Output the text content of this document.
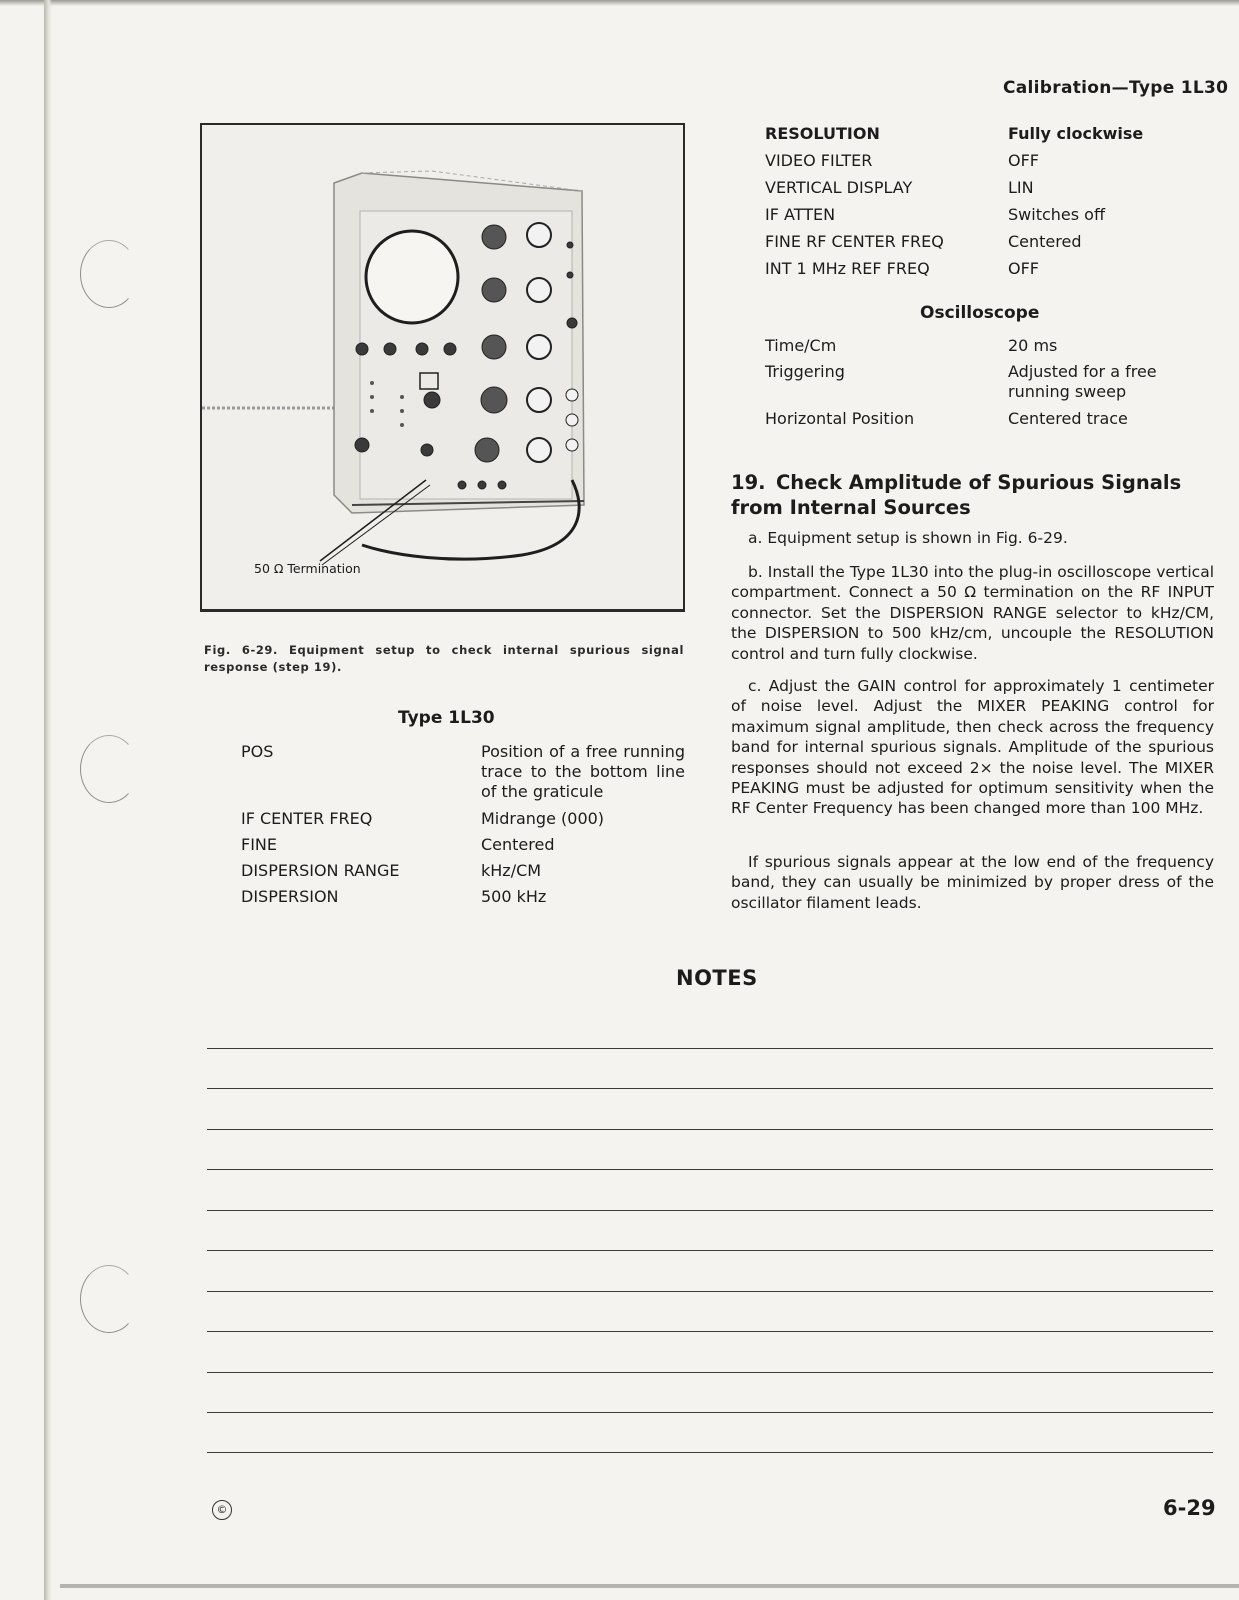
Calibration—Type 1L30
50 Ω Termination
Fig. 6-29. Equipment setup to check internal spurious signal response (step 19).
Type 1L30
POS	Position of a free running trace to the bottom line of the graticule
IF CENTER FREQ	Midrange (000)
FINE	Centered
DISPERSION RANGE	kHz/CM
DISPERSION	500 kHz
RESOLUTION	Fully clockwise
VIDEO FILTER	OFF
VERTICAL DISPLAY	LIN
IF ATTEN	Switches off
FINE RF CENTER FREQ	Centered
INT 1 MHz REF FREQ	OFF
Oscilloscope
Time/Cm	20 ms
Triggering	Adjusted for a free running sweep
Horizontal Position	Centered trace
19. Check Amplitude of Spurious Signals from Internal Sources
a. Equipment setup is shown in Fig. 6-29.
b. Install the Type 1L30 into the plug-in oscilloscope vertical compartment. Connect a 50 Ω termination on the RF INPUT connector. Set the DISPERSION RANGE selector to kHz/CM, the DISPERSION to 500 kHz/cm, uncouple the RESOLUTION control and turn fully clockwise.
c. Adjust the GAIN control for approximately 1 centimeter of noise level. Adjust the MIXER PEAKING control for maximum signal amplitude, then check across the frequency band for internal spurious signals. Amplitude of the spurious responses should not exceed 2× the noise level. The MIXER PEAKING must be adjusted for optimum sensitivity when the RF Center Frequency has been changed more than 100 MHz.
If spurious signals appear at the low end of the frequency band, they can usually be minimized by proper dress of the oscillator filament leads.
NOTES
©	6-29
